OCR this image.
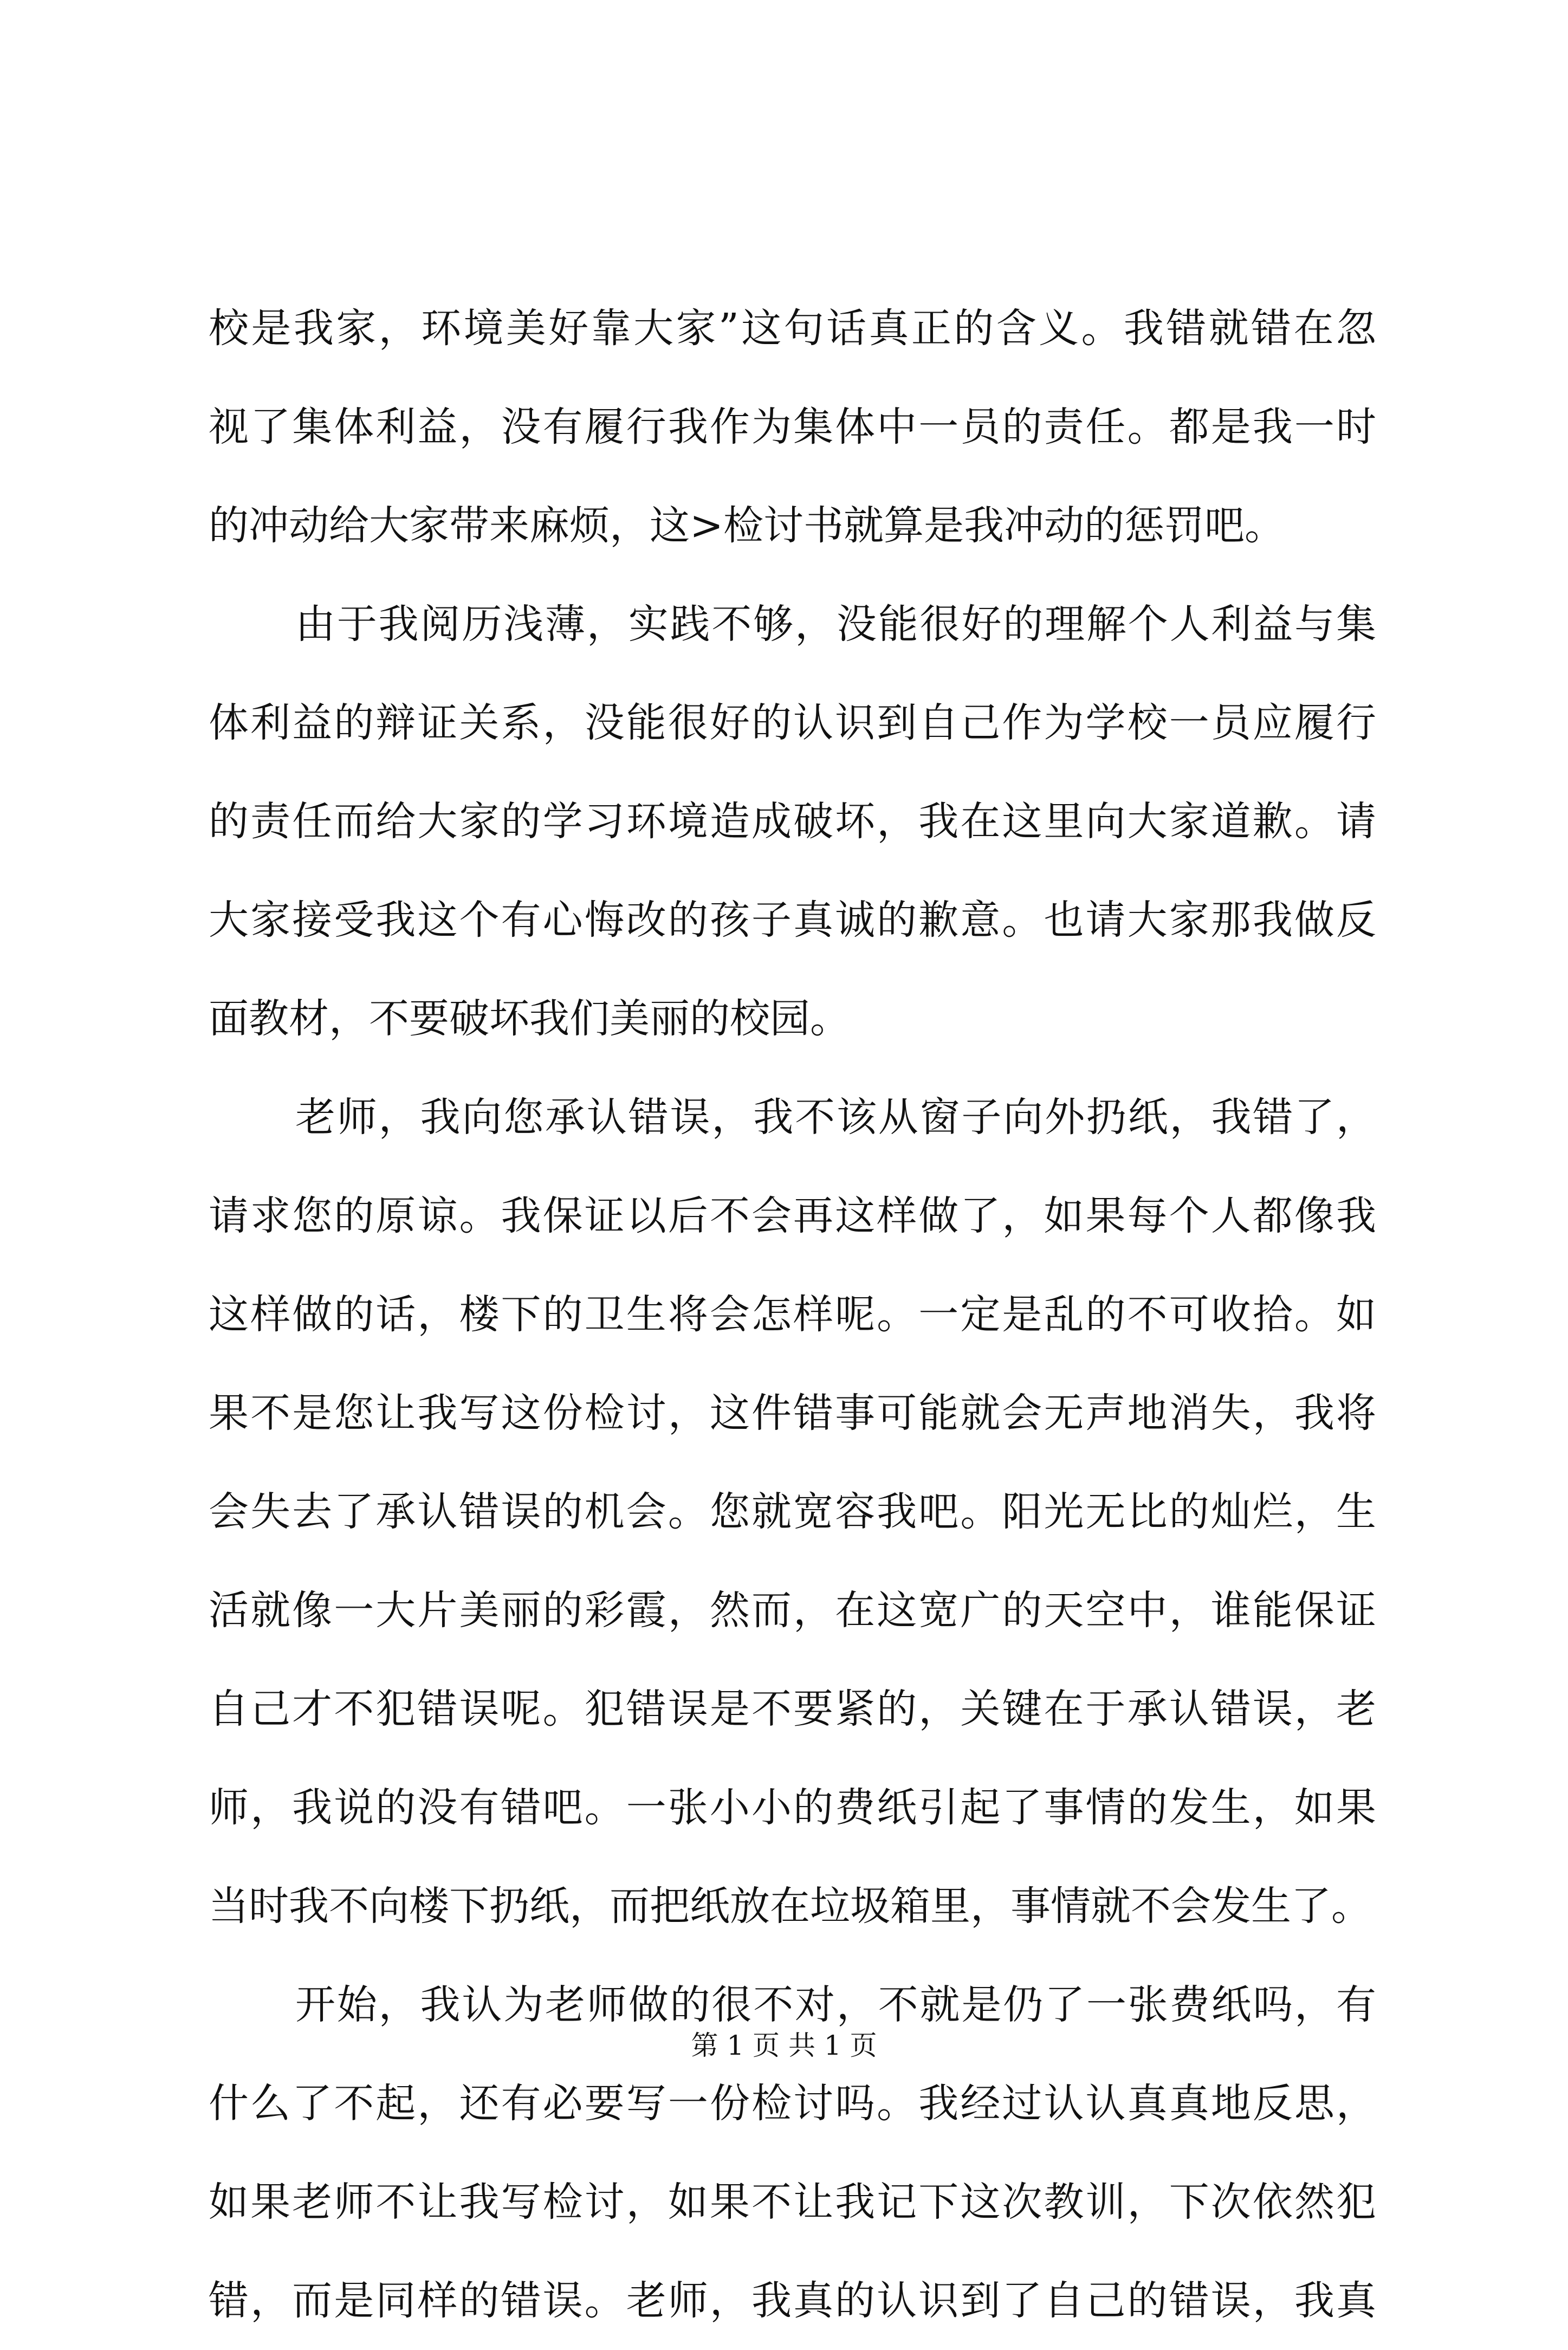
校是我家，环境美好靠大家”这句话真正的含义。我错就错在忽
视了集体利益，没有履行我作为集体中一员的责任。都是我一时
的冲动给大家带来麻烦，这>检讨书就算是我冲动的惩罚吧。
由于我阅历浅薄，实践不够，没能很好的理解个人利益与集
体利益的辩证关系，没能很好的认识到自己作为学校一员应履行
的责任而给大家的学习环境造成破坏，我在这里向大家道歉。请
大家接受我这个有心悔改的孩子真诚的歉意。也请大家那我做反
面教材，不要破坏我们美丽的校园。
老师，我向您承认错误，我不该从窗子向外扔纸，我错了，
请求您的原谅。我保证以后不会再这样做了，如果每个人都像我
这样做的话，楼下的卫生将会怎样呢。一定是乱的不可收拾。如
果不是您让我写这份检讨，这件错事可能就会无声地消失，我将
会失去了承认错误的机会。您就宽容我吧。阳光无比的灿烂，生
活就像一大片美丽的彩霞，然而，在这宽广的天空中，谁能保证
自己才不犯错误呢。犯错误是不要紧的，关键在于承认错误，老
师，我说的没有错吧。一张小小的费纸引起了事情的发生，如果
当时我不向楼下扔纸，而把纸放在垃圾箱里，事情就不会发生了。
开始，我认为老师做的很不对，不就是仍了一张费纸吗，有
什么了不起，还有必要写一份检讨吗。我经过认认真真地反思，
如果老师不让我写检讨，如果不让我记下这次教训，下次依然犯
错，而是同样的错误。老师，我真的认识到了自己的错误，我真
第 1 页 共 1 页
